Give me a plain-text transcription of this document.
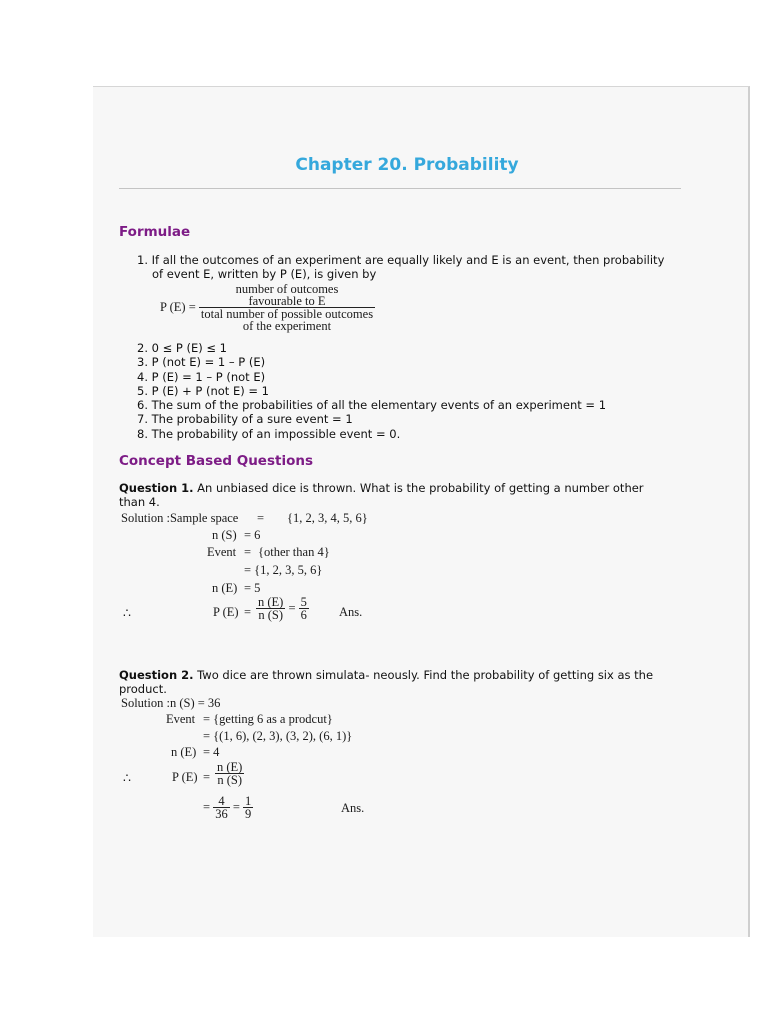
Chapter 20. Probability
Formulae
1. If all the outcomes of an experiment are equally likely and E is an event, then probability
of event E, written by P (E), is given by
P (E) =
number of outcomes
favourable to E
total number of possible outcomes
of the experiment
2. 0 ≤ P (E) ≤ 1
3. P (not E) = 1 – P (E)
4. P (E) = 1 – P (not E)
5. P (E) + P (not E) = 1
6. The sum of the probabilities of all the elementary events of an experiment = 1
7. The probability of a sure event = 1
8. The probability of an impossible event = 0.
Concept Based Questions
Question 1. An unbiased dice is thrown. What is the probability of getting a number other
than 4.
Solution :Sample space = {1, 2, 3, 4, 5, 6}
n (S) = 6
Event = {other than 4}
= {1, 2, 3, 5, 6}
n (E) = 5
∴	P $(E) = \frac{n (E)}{n (S)} = \frac{5}{6}$ Ans.
Question 2. Two dice are thrown simulata- neously. Find the probability of getting six as the
product.
Solution :n (S) = 36
Event = {getting 6 as a prodcut}
= {(1, 6), (2, 3), (3, 2), (6, 1)}
n (E) = 4
∴	P $(E) = \frac{n (E)}{n (S)}$
= $\frac{4}{36} = \frac{1}{9}$	Ans.
